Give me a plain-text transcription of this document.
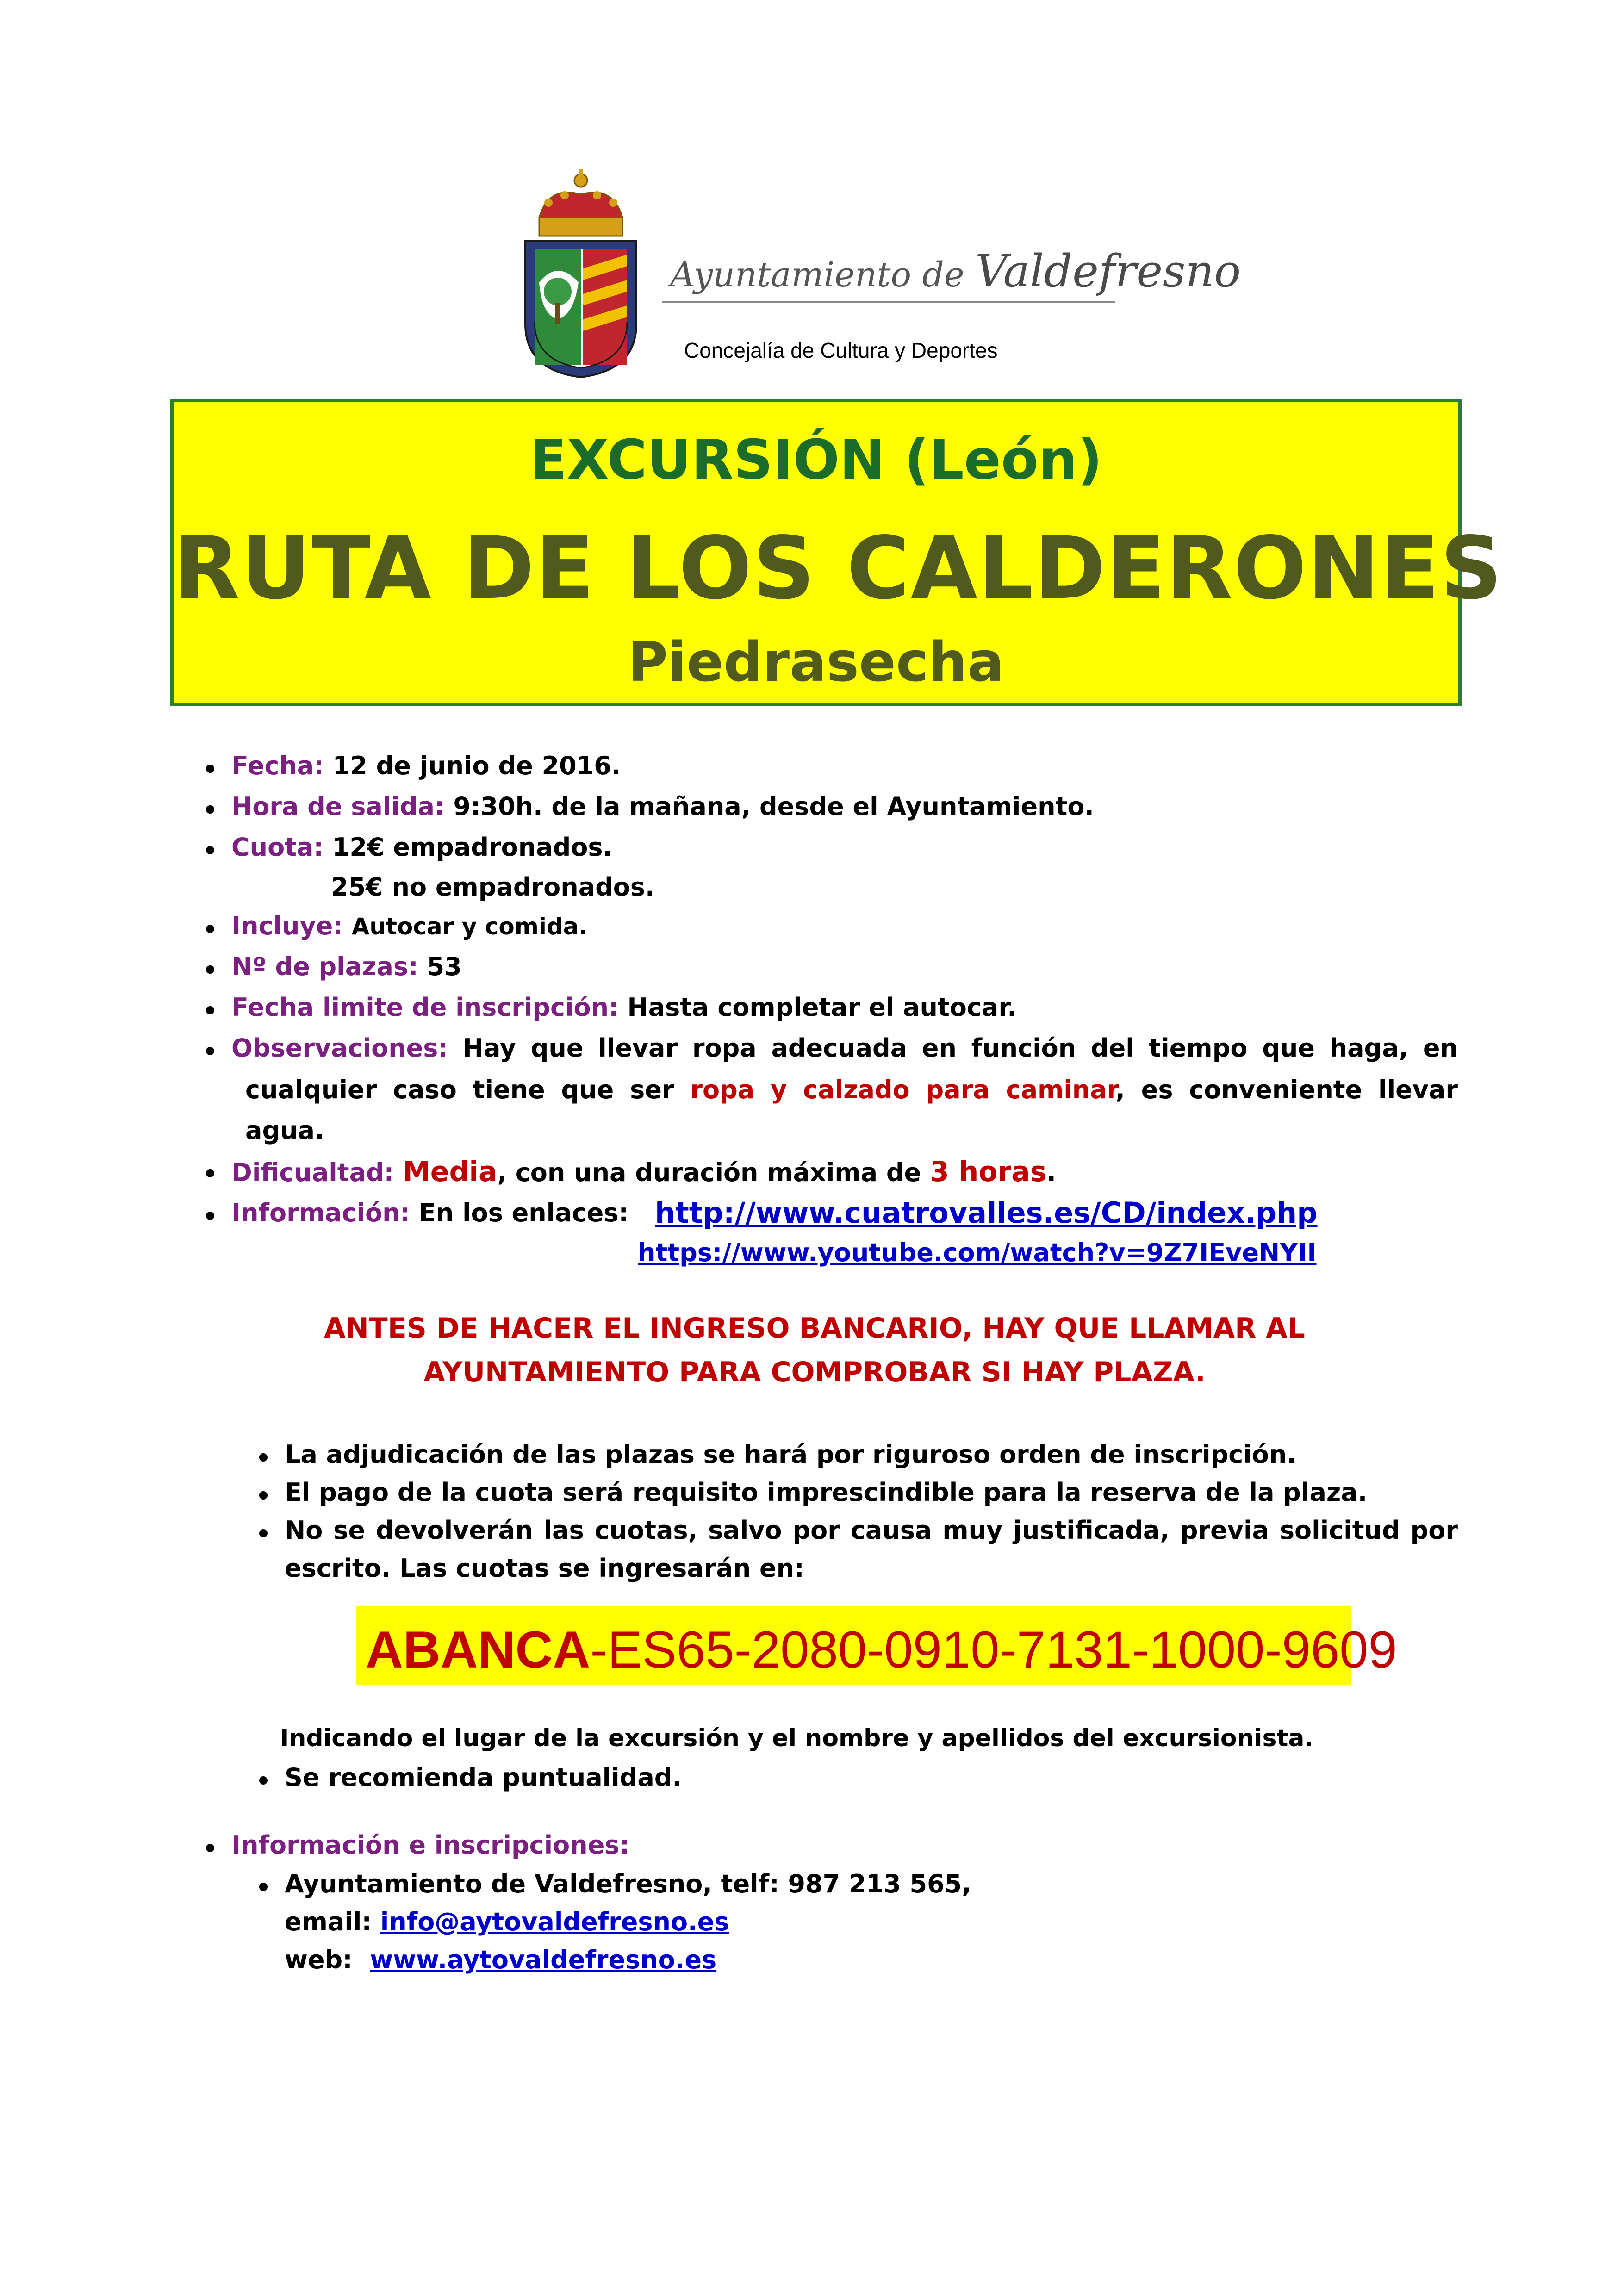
Ayuntamiento de Valdefresno
Concejalía de Cultura y Deportes
EXCURSIÓN (León)
RUTA DE LOS CALDERONES
Piedrasecha
Fecha: 12 de junio de 2016.
Hora de salida: 9:30h. de la mañana, desde el Ayuntamiento.
Cuota: 12€ empadronados.
25€ no empadronados.
Incluye: Autocar y comida.
Nº de plazas: 53
Fecha limite de inscripción: Hasta completar el autocar.
Observaciones: Hay que llevar ropa adecuada en función del tiempo que haga, en
cualquier caso tiene que ser ropa y calzado para caminar, es conveniente llevar
agua.
Dificualtad: Media, con una duración máxima de 3 horas.
Información: En los enlaces: http://www.cuatrovalles.es/CD/index.php
https://www.youtube.com/watch?v=9Z7IEveNYII
ANTES DE HACER EL INGRESO BANCARIO, HAY QUE LLAMAR AL
AYUNTAMIENTO PARA COMPROBAR SI HAY PLAZA.
La adjudicación de las plazas se hará por riguroso orden de inscripción.
El pago de la cuota será requisito imprescindible para la reserva de la plaza.
No se devolverán las cuotas, salvo por causa muy justificada, previa solicitud por
escrito. Las cuotas se ingresarán en:
ABANCA-ES65-2080-0910-7131-1000-9609
Indicando el lugar de la excursión y el nombre y apellidos del excursionista.
Se recomienda puntualidad.
Información e inscripciones:
Ayuntamiento de Valdefresno, telf: 987 213 565,
email: info@aytovaldefresno.es
web: www.aytovaldefresno.es
